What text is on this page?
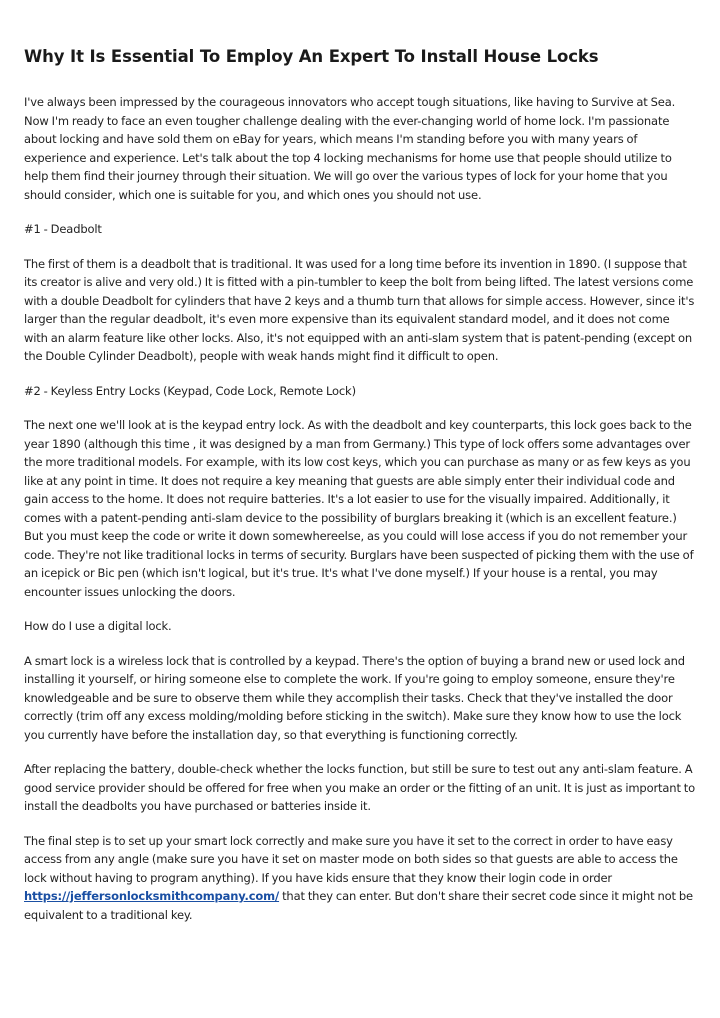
Why It Is Essential To Employ An Expert To Install House Locks

I've always been impressed by the courageous innovators who accept tough situations, like having to Survive at Sea. Now I'm ready to face an even tougher challenge dealing with the ever-changing world of home lock. I'm passionate about locking and have sold them on eBay for years, which means I'm standing before you with many years of experience and experience. Let's talk about the top 4 locking mechanisms for home use that people should utilize to help them find their journey through their situation. We will go over the various types of lock for your home that you should consider, which one is suitable for you, and which ones you should not use.

#1 - Deadbolt

The first of them is a deadbolt that is traditional. It was used for a long time before its invention in 1890. (I suppose that its creator is alive and very old.) It is fitted with a pin-tumbler to keep the bolt from being lifted. The latest versions come with a double Deadbolt for cylinders that have 2 keys and a thumb turn that allows for simple access. However, since it's larger than the regular deadbolt, it's even more expensive than its equivalent standard model, and it does not come with an alarm feature like other locks. Also, it's not equipped with an anti-slam system that is patent-pending (except on the Double Cylinder Deadbolt), people with weak hands might find it difficult to open.

#2 - Keyless Entry Locks (Keypad, Code Lock, Remote Lock)

The next one we'll look at is the keypad entry lock. As with the deadbolt and key counterparts, this lock goes back to the year 1890 (although this time , it was designed by a man from Germany.) This type of lock offers some advantages over the more traditional models. For example, with its low cost keys, which you can purchase as many or as few keys as you like at any point in time. It does not require a key meaning that guests are able simply enter their individual code and gain access to the home. It does not require batteries. It's a lot easier to use for the visually impaired. Additionally, it comes with a patent-pending anti-slam device to the possibility of burglars breaking it (which is an excellent feature.) But you must keep the code or write it down somewhereelse, as you could will lose access if you do not remember your code. They're not like traditional locks in terms of security. Burglars have been suspected of picking them with the use of an icepick or Bic pen (which isn't logical, but it's true. It's what I've done myself.) If your house is a rental, you may encounter issues unlocking the doors.

How do I use a digital lock.

A smart lock is a wireless lock that is controlled by a keypad. There's the option of buying a brand new or used lock and installing it yourself, or hiring someone else to complete the work. If you're going to employ someone, ensure they're knowledgeable and be sure to observe them while they accomplish their tasks. Check that they've installed the door correctly (trim off any excess molding/molding before sticking in the switch). Make sure they know how to use the lock you currently have before the installation day, so that everything is functioning correctly.

After replacing the battery, double-check whether the locks function, but still be sure to test out any anti-slam feature. A good service provider should be offered for free when you make an order or the fitting of an unit. It is just as important to install the deadbolts you have purchased or batteries inside it.

The final step is to set up your smart lock correctly and make sure you have it set to the correct in order to have easy access from any angle (make sure you have it set on master mode on both sides so that guests are able to access the lock without having to program anything). If you have kids ensure that they know their login code in order https://jeffersonlocksmithcompany.com/ that they can enter. But don't share their secret code since it might not be equivalent to a traditional key.
